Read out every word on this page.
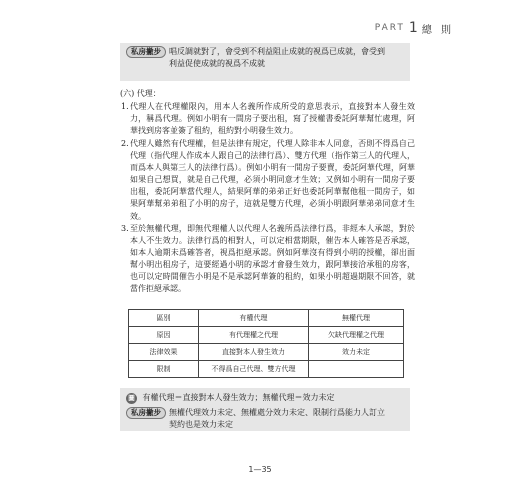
PART 1 總 則
私房撇步	唱反調就對了，會受到不利益阻止成就的視爲已成就，會受到
利益促使成就的視爲不成就
(六) 代理：
1. 代理人在代理權限內，用本人名義所作成所受的意思表示，直接對本人發生效力，稱爲代理。例如小明有一間房子要出租，寫了授權書委託阿華幫忙處理，阿華找到房客並簽了租約，租約對小明發生效力。
2. 代理人雖然有代理權，但是法律有規定，代理人除非本人同意，否則不得爲自己代理（指代理人作成本人跟自己的法律行爲）、雙方代理（指作第三人的代理人，而爲本人與第三人的法律行爲）。例如小明有一間房子要賣，委託阿華代理，阿華如果自己想買，就是自己代理，必須小明同意才生效；又例如小明有一間房子要出租，委託阿華當代理人，結果阿華的弟弟正好也委託阿華幫他租一間房子，如果阿華幫弟弟租了小明的房子，這就是雙方代理，必須小明跟阿華弟弟同意才生效。
3. 至於無權代理，即無代理權人以代理人名義所爲法律行爲，非經本人承認，對於本人不生效力。法律行爲的相對人，可以定相當期限，催告本人確答是否承認，如本人逾期未爲確答者，視爲拒絕承認。例如阿華沒有得到小明的授權，卻出面幫小明出租房子，這要經過小明的承認才會發生效力，跟阿華接洽承租的房客，也可以定時間催告小明是不是承認阿華簽的租約，如果小明超過期限不回答，就當作拒絕承認。
區別	有權代理	無權代理
原因	有代理權之代理	欠缺代理權之代理
法律效果	直接對本人發生效力	效力未定
限制	不得爲自己代理、雙方代理	
圖 有權代理＝直接對本人發生效力；無權代理＝效力未定
私房撇步	無權代理效力未定、無權處分效力未定、限制行爲能力人訂立
契約也是效力未定
1—35
